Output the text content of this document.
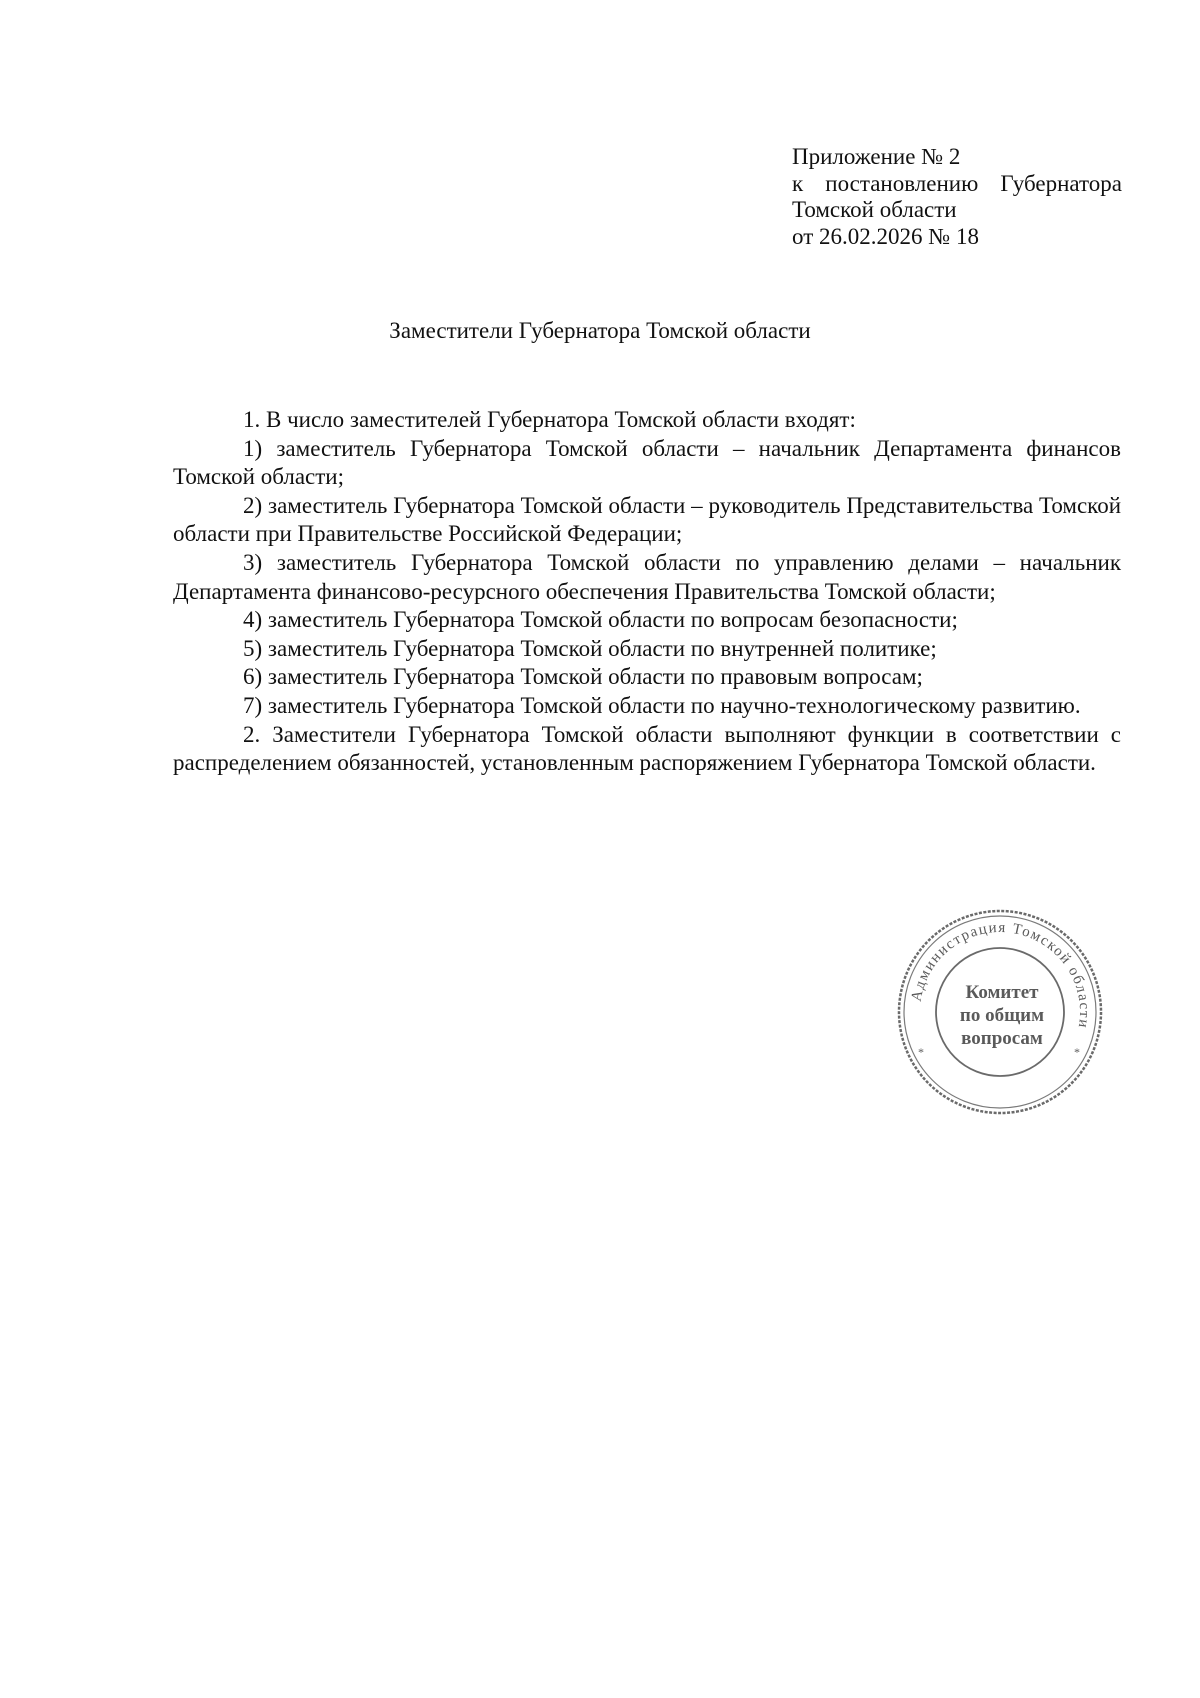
Приложение № 2
к постановлению Губернатора
Томской области
от 26.02.2026 № 18
Заместители Губернатора Томской области

1. В число заместителей Губернатора Томской области входят:

1) заместитель Губернатора Томской области – начальник Департамента финансов Томской области;

2) заместитель Губернатора Томской области – руководитель Представительства Томской области при Правительстве Российской Федерации;

3) заместитель Губернатора Томской области по управлению делами – начальник Департамента финансово-ресурсного обеспечения Правительства Томской области;

4) заместитель Губернатора Томской области по вопросам безопасности;

5) заместитель Губернатора Томской области по внутренней политике;

6) заместитель Губернатора Томской области по правовым вопросам;

7) заместитель Губернатора Томской области по научно-технологическому развитию.

2. Заместители Губернатора Томской области выполняют функции в соответствии с распределением обязанностей, установленным распоряжением Губернатора Томской области.

Администрация Томской области
*	*
Комитет
по общим
вопросам
